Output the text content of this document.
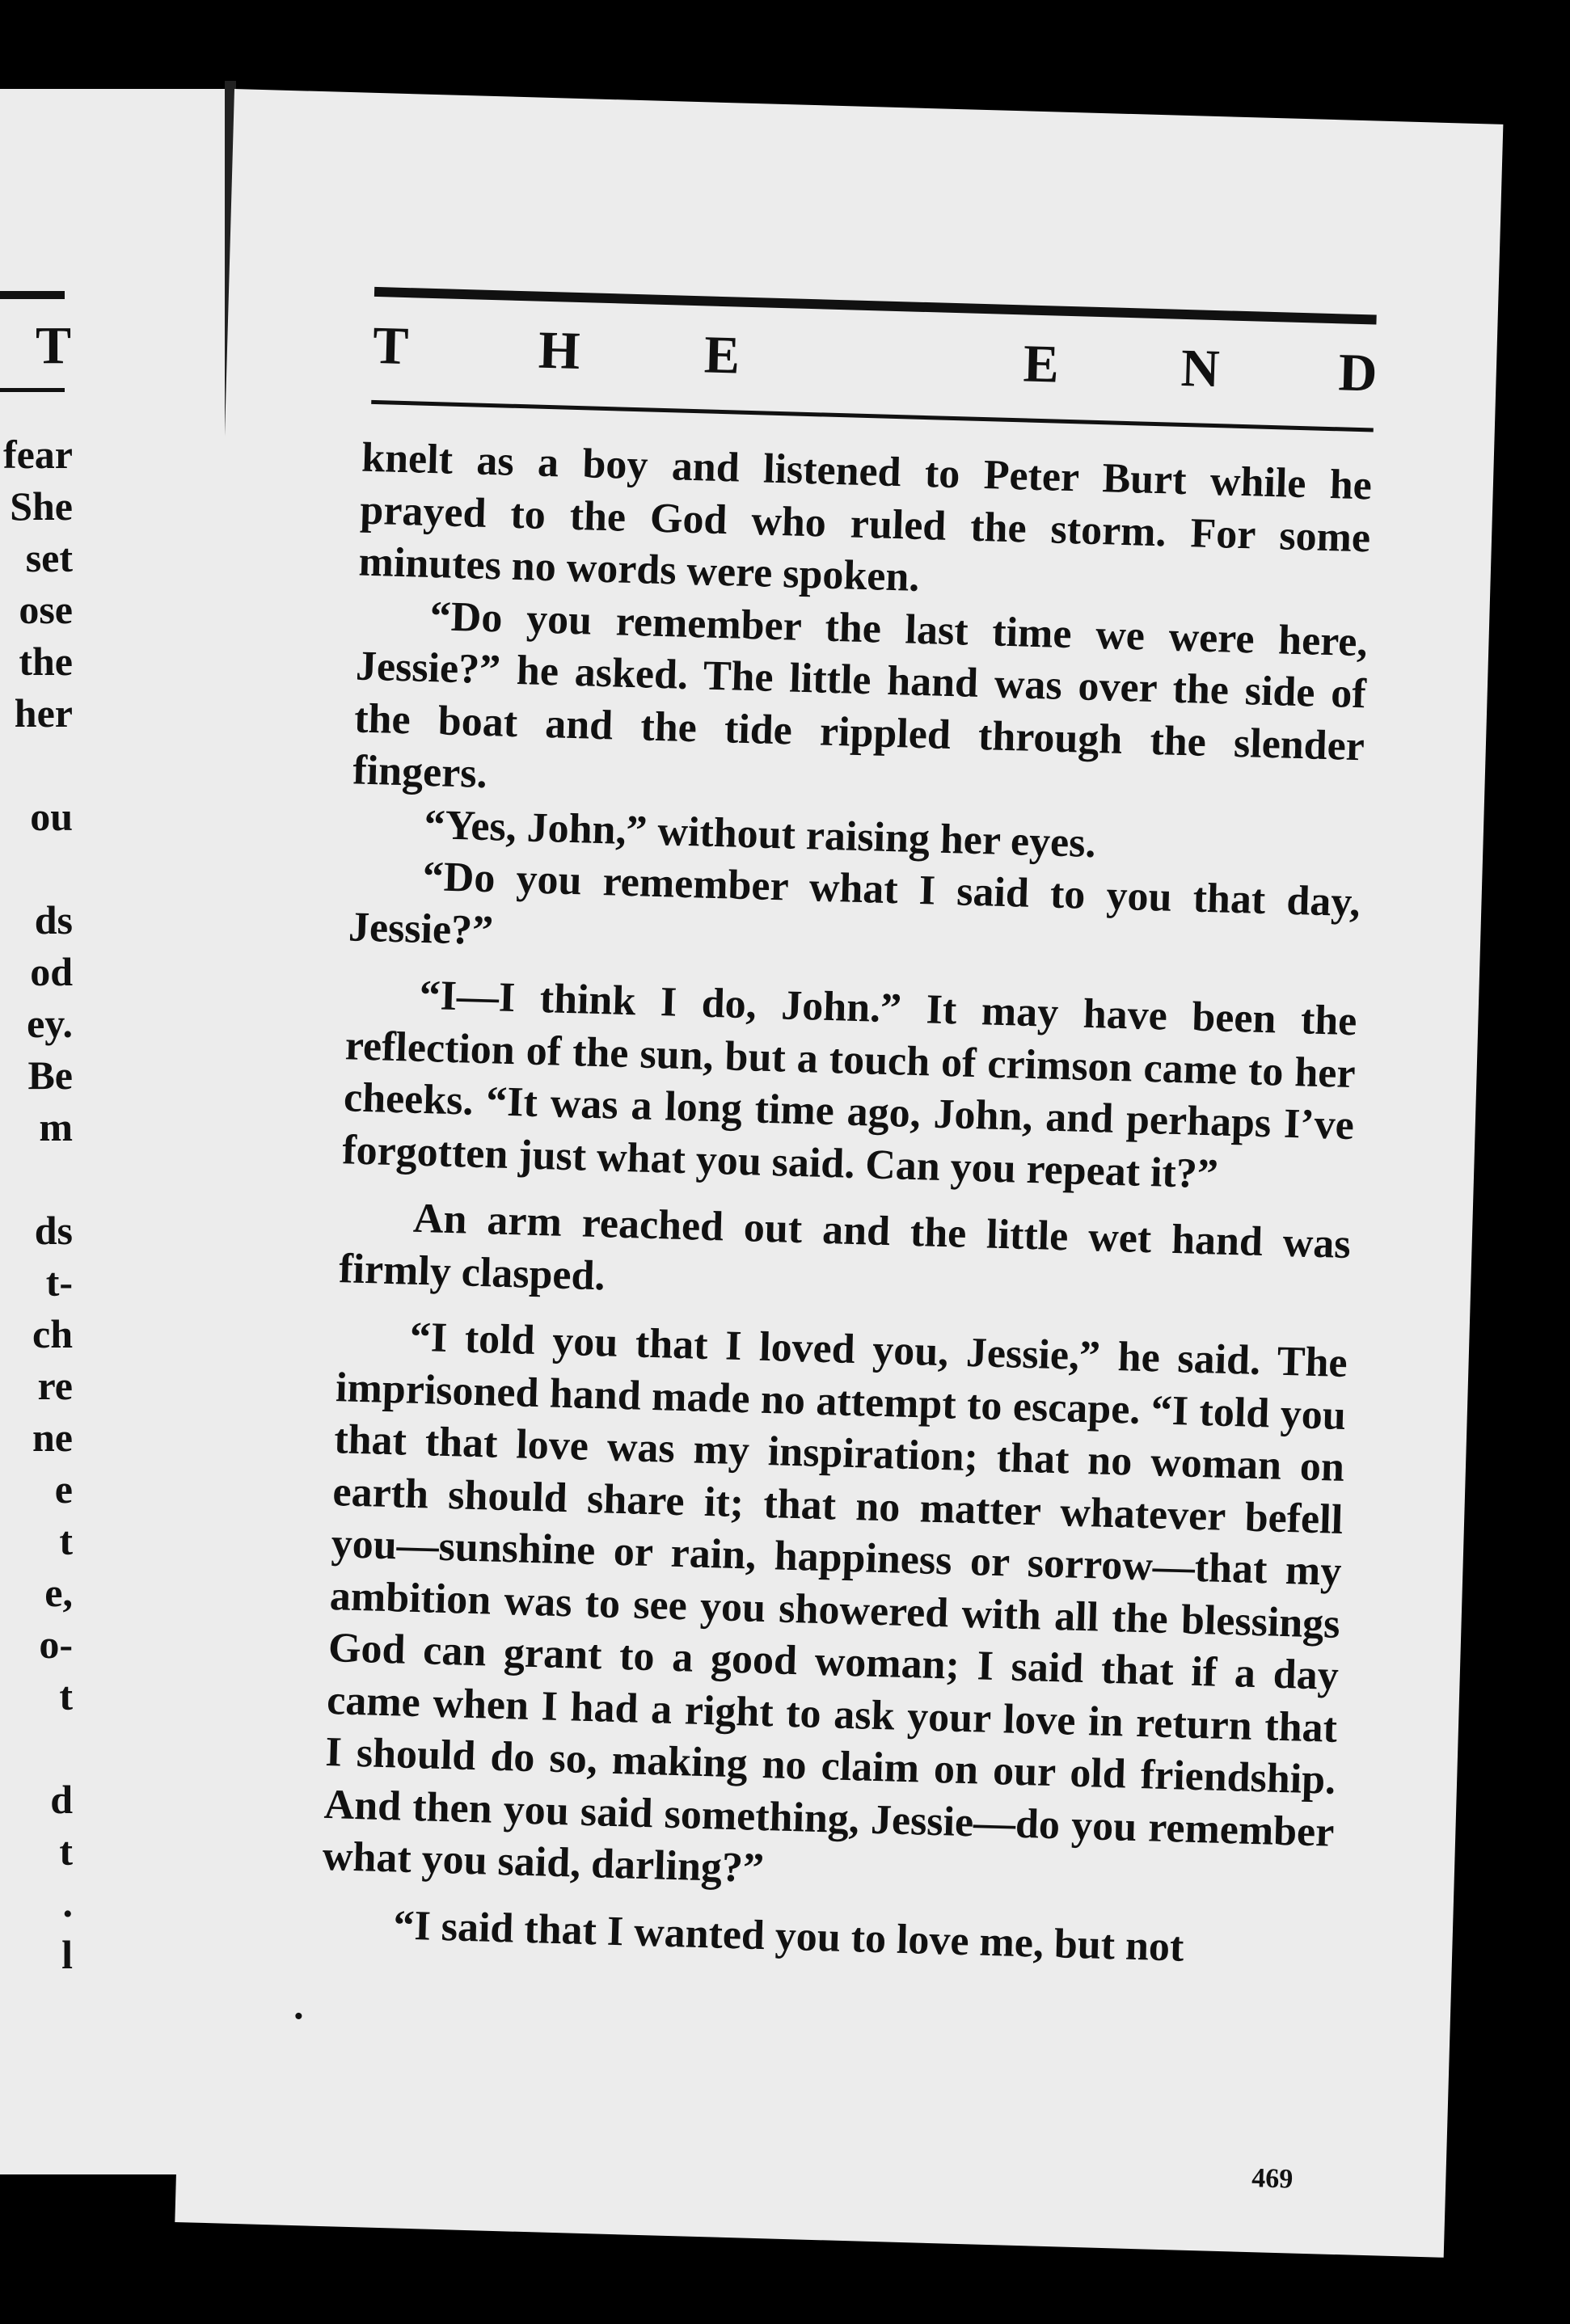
T
fear
She
set
ose
the
her
ou
ds
od
ey.
Be
m
ds
t-
ch
re
ne
e
t
e,
o-
t
d
t
.
l
T H E	E N D

knelt as a boy and listened to Peter Burt while he prayed to the God who ruled the storm. For some minutes no words were spoken.

“Do you remember the last time we were here, Jessie?” he asked. The little hand was over the side of the boat and the tide rippled through the slender fingers.

“Yes, John,” without raising her eyes.

“Do you remember what I said to you that day, Jessie?”

“I—I think I do, John.” It may have been the reflection of the sun, but a touch of crimson came to her cheeks. “It was a long time ago, John, and perhaps I’ve forgotten just what you said. Can you repeat it?”

An arm reached out and the little wet hand was firmly clasped.

“I told you that I loved you, Jessie,” he said. The imprisoned hand made no attempt to escape. “I told you that that love was my inspiration; that no woman on earth should share it; that no matter whatever befell you—sunshine or rain, happiness or sorrow—that my ambition was to see you showered with all the blessings God can grant to a good woman; I said that if a day came when I had a right to ask your love in return that I should do so, making no claim on our old friendship. And then you said something, Jessie—do you remember what you said, darling?”

“I said that I wanted you to love me, but not

•
469
